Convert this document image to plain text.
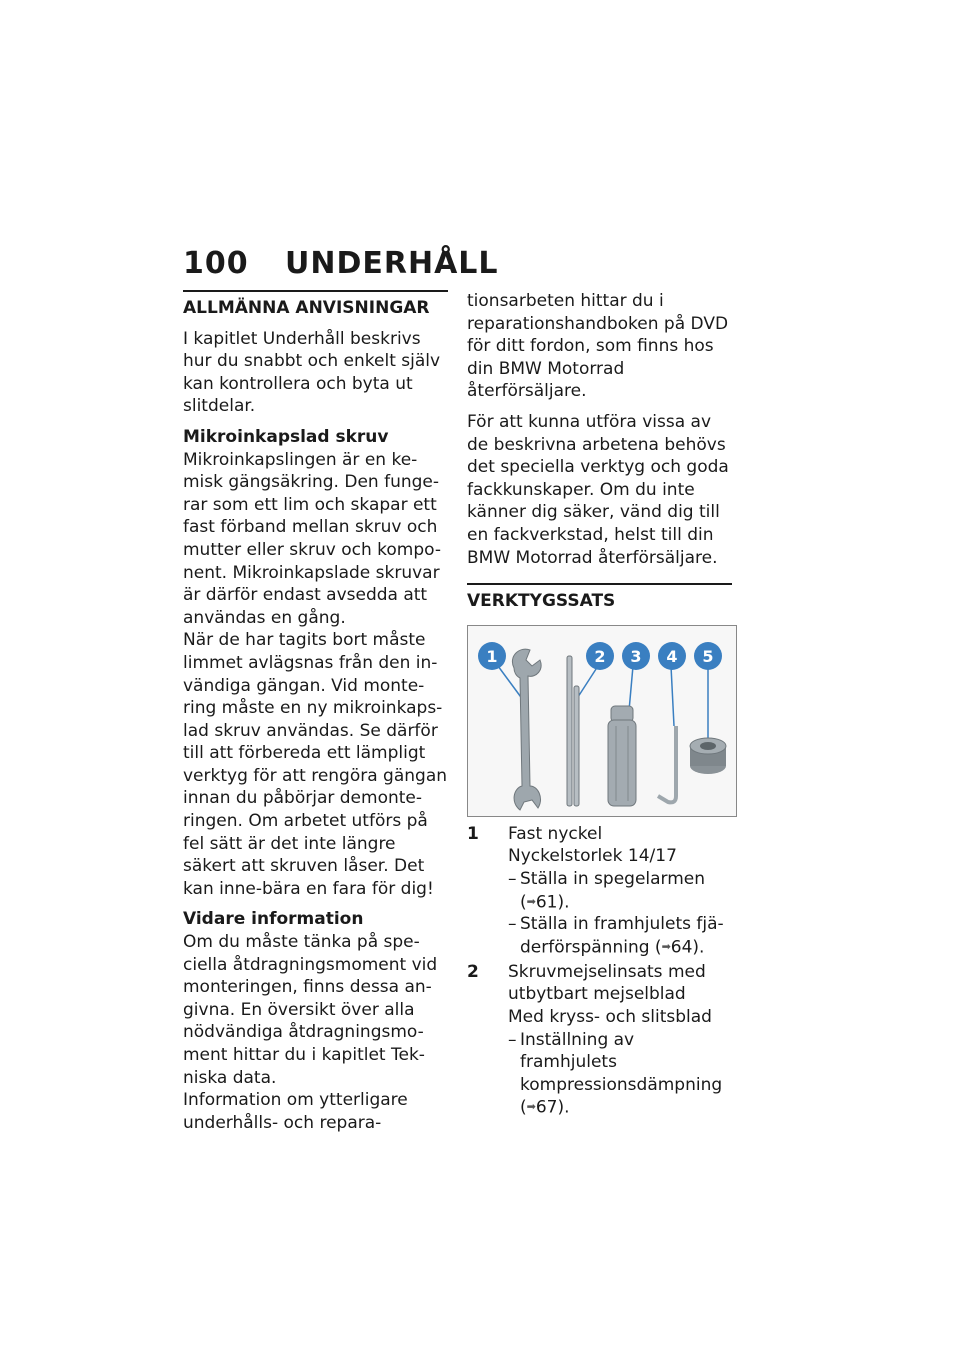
100 UNDERHÅLL
ALLMÄNNA ANVISNINGAR

I kapitlet Underhåll beskrivs hur du snabbt och enkelt själv kan kontrollera och byta ut slitdelar.

Mikroinkapslad skruv

Mikroinkapslingen är en ke-misk gängsäkring. Den funge-rar som ett lim och skapar ett fast förband mellan skruv och mutter eller skruv och kompo-nent. Mikroinkapslade skruvar är därför endast avsedda att användas en gång.

När de har tagits bort måste limmet avlägsnas från den in-vändiga gängan. Vid monte-ring måste en ny mikroinkaps-lad skruv användas. Se därför till att förbereda ett lämpligt verktyg för att rengöra gängan innan du påbörjar demonte-ringen. Om arbetet utförs på fel sätt är det inte längre säkert att skruven låser. Det kan inne-bära en fara för dig!

Vidare information

Om du måste tänka på spe-ciella åtdragningsmoment vid monteringen, finns dessa an-givna. En översikt över alla nödvändiga åtdragningsmo-ment hittar du i kapitlet Tek-niska data.

Information om ytterligare underhålls- och repara-

tionsarbeten hittar du i reparationshandboken på DVD för ditt fordon, som finns hos din BMW Motorrad återförsäljare.

För att kunna utföra vissa av de beskrivna arbetena behövs det speciella verktyg och goda fackkunskaper. Om du inte känner dig säker, vänd dig till en fackverkstad, helst till din BMW Motorrad återförsäljare.

VERKTYGSSATS
1	2 3 4 5
1	Fast nyckel
Nyckelstorlek 14/17
– Ställa in spegelarmen (➡61).
– Ställa in framhjulets fjä-derförspänning (➡64).
2	Skruvmejselinsats med utbytbart mejselblad
Med kryss- och slitsblad
– Inställning av framhjulets kompressionsdämpning (➡67).
